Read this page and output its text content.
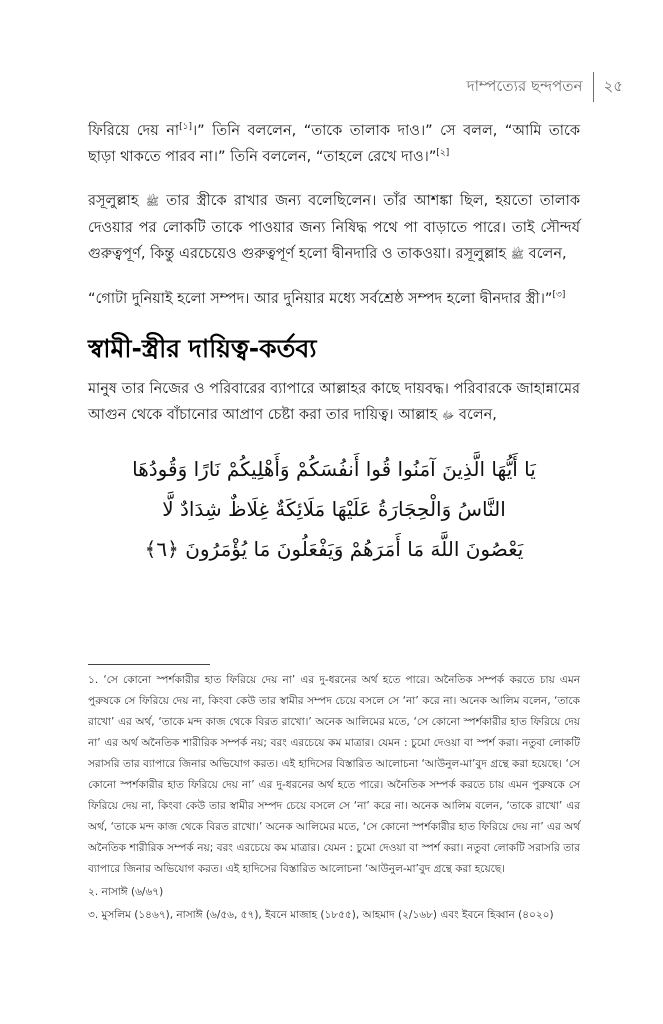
দাম্পত্যের ছন্দপতন	২৫

ফিরিয়ে দেয় না[১]।” তিনি বললেন, “তাকে তালাক দাও।” সে বলল, “আমি তাকে ছাড়া থাকতে পারব না।” তিনি বললেন, “তাহলে রেখে দাও।”[২]

রসূলুল্লাহ ﷺ তার স্ত্রীকে রাখার জন্য বলেছিলেন। তাঁর আশঙ্কা ছিল, হয়তো তালাক দেওয়ার পর লোকটি তাকে পাওয়ার জন্য নিষিদ্ধ পথে পা বাড়াতে পারে। তাই সৌন্দর্য গুরুত্বপূর্ণ, কিন্তু এরচেয়েও গুরুত্বপূর্ণ হলো দ্বীনদারি ও তাকওয়া। রসূলুল্লাহ ﷺ বলেন,

“গোটা দুনিয়াই হলো সম্পদ। আর দুনিয়ার মধ্যে সর্বশ্রেষ্ঠ সম্পদ হলো দ্বীনদার স্ত্রী।”[৩]

স্বামী-স্ত্রীর দায়িত্ব-কর্তব্য

মানুষ তার নিজের ও পরিবারের ব্যাপারে আল্লাহর কাছে দায়বদ্ধ। পরিবারকে জাহান্নামের আগুন থেকে বাঁচানোর আপ্রাণ চেষ্টা করা তার দায়িত্ব। আল্লাহ ﷻ বলেন,

يَا أَيُّهَا الَّذِينَ آمَنُوا قُوا أَنفُسَكُمْ وَأَهْلِيكُمْ نَارًا وَقُودُهَا
النَّاسُ وَالْحِجَارَةُ عَلَيْهَا مَلَائِكَةٌ غِلَاظٌ شِدَادٌ لَّا
يَعْصُونَ اللَّهَ مَا أَمَرَهُمْ وَيَفْعَلُونَ مَا يُؤْمَرُونَ ﴿٦﴾

১. ‘সে কোনো স্পর্শকারীর হাত ফিরিয়ে দেয় না’ এর দু-ধরনের অর্থ হতে পারে। অনৈতিক সম্পর্ক করতে চায় এমন পুরুষকে সে ফিরিয়ে দেয় না, কিংবা কেউ তার স্বামীর সম্পদ চেয়ে বসলে সে ‘না’ করে না। অনেক আলিম বলেন, ‘তাকে রাখো’ এর অর্থ, ‘তাকে মন্দ কাজ থেকে বিরত রাখো।’ অনেক আলিমের মতে, ‘সে কোনো স্পর্শকারীর হাত ফিরিয়ে দেয় না’ এর অর্থ অনৈতিক শারীরিক সম্পর্ক নয়; বরং এরচেয়ে কম মাত্রার। যেমন : চুমো দেওয়া বা স্পর্শ করা। নতুবা লোকটি সরাসরি তার ব্যাপারে জিনার অভিযোগ করত। এই হাদিসের বিস্তারিত আলোচনা ‘আউনুল-মা’বুদ গ্রন্থে করা হয়েছে। ‘সে কোনো স্পর্শকারীর হাত ফিরিয়ে দেয় না’ এর দু-ধরনের অর্থ হতে পারে। অনৈতিক সম্পর্ক করতে চায় এমন পুরুষকে সে ফিরিয়ে দেয় না, কিংবা কেউ তার স্বামীর সম্পদ চেয়ে বসলে সে ‘না’ করে না। অনেক আলিম বলেন, ‘তাকে রাখো’ এর অর্থ, ‘তাকে মন্দ কাজ থেকে বিরত রাখো।’ অনেক আলিমের মতে, ‘সে কোনো স্পর্শকারীর হাত ফিরিয়ে দেয় না’ এর অর্থ অনৈতিক শারীরিক সম্পর্ক নয়; বরং এরচেয়ে কম মাত্রার। যেমন : চুমো দেওয়া বা স্পর্শ করা। নতুবা লোকটি সরাসরি তার ব্যাপারে জিনার অভিযোগ করত। এই হাদিসের বিস্তারিত আলোচনা ‘আউনুল-মা’বুদ গ্রন্থে করা হয়েছে।

২. নাসাঈ (৬/৬৭)

৩. মুসলিম (১৪৬৭), নাসাঈ (৬/৫৬, ৫৭), ইবনে মাজাহ (১৮৫৫), আহমাদ (২/১৬৮) এবং ইবনে হিব্বান (৪০২০)
